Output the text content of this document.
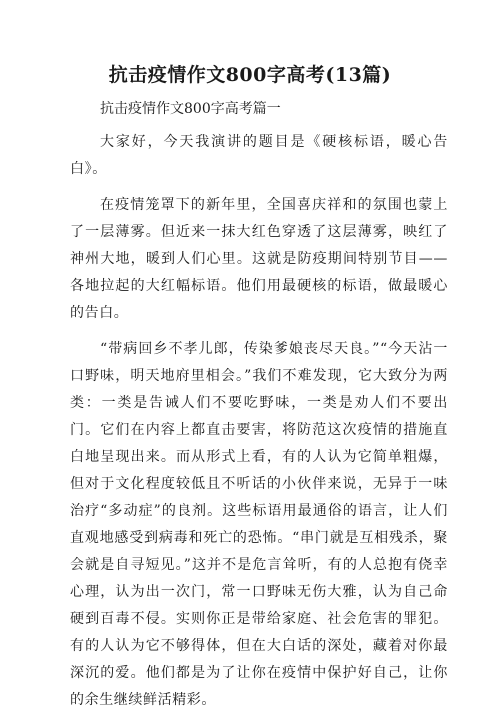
抗击疫情作文800字高考(13篇)
抗击疫情作文800字高考篇一

大家好，今天我演讲的题目是《硬核标语，暖心告白》。

在疫情笼罩下的新年里，全国喜庆祥和的氛围也蒙上了一层薄雾。但近来一抹大红色穿透了这层薄雾，映红了神州大地，暖到人们心里。这就是防疫期间特别节目——各地拉起的大红幅标语。他们用最硬核的标语，做最暖心的告白。

“带病回乡不孝儿郎，传染爹娘丧尽天良。”“今天沾一口野味，明天地府里相会。”我们不难发现，它大致分为两类：一类是告诫人们不要吃野味，一类是劝人们不要出门。它们在内容上都直击要害，将防范这次疫情的措施直白地呈现出来。而从形式上看，有的人认为它简单粗爆，但对于文化程度较低且不听话的小伙伴来说，无异于一味治疗“多动症”的良剂。这些标语用最通俗的语言，让人们直观地感受到病毒和死亡的恐怖。“串门就是互相残杀，聚会就是自寻短见。”这并不是危言耸听，有的人总抱有侥幸心理，认为出一次门，常一口野味无伤大雅，认为自己命硬到百毒不侵。实则你正是带给家庭、社会危害的罪犯。有的人认为它不够得体，但在大白话的深处，藏着对你最深沉的爱。他们都是为了让你在疫情中保护好自己，让你的余生继续鲜活精彩。
